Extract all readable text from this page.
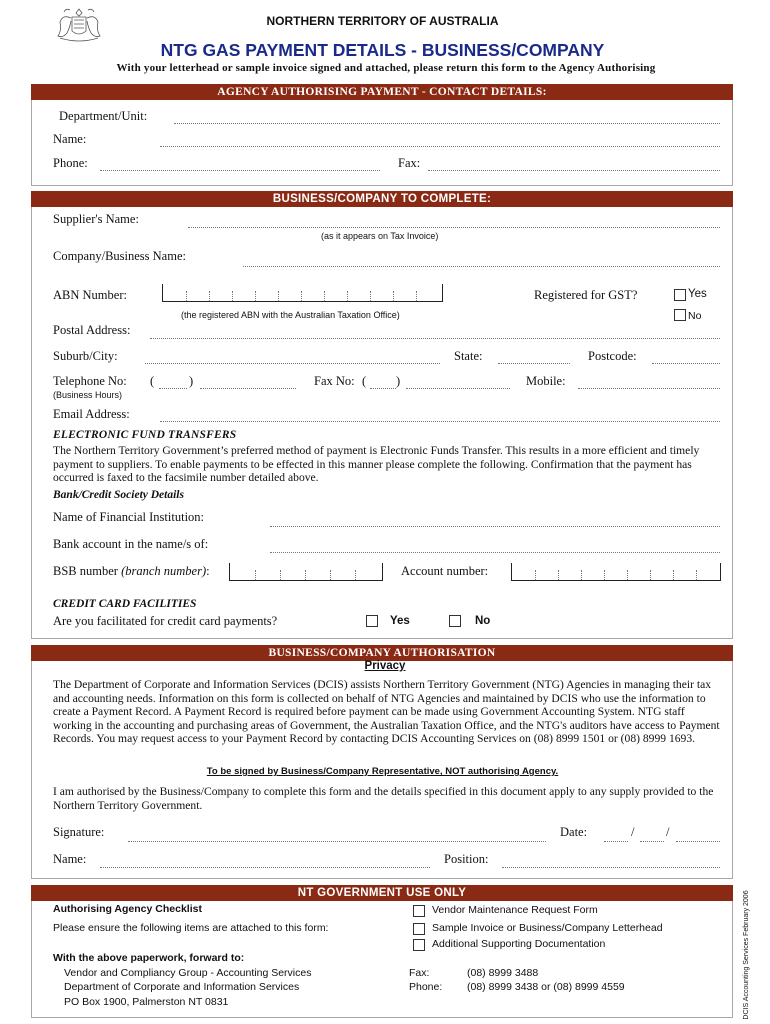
NORTHERN TERRITORY OF AUSTRALIA
NTG GAS PAYMENT DETAILS - BUSINESS/COMPANY
With your letterhead or sample invoice signed and attached, please return this form to the Agency Authorising
AGENCY AUTHORISING PAYMENT - CONTACT DETAILS:
Department/Unit:
Name:
Phone:	Fax:
BUSINESS/COMPANY TO COMPLETE:
Supplier's Name:
(as it appears on Tax Invoice)
Company/Business Name:
ABN Number:
(the registered ABN with the Australian Taxation Office)
Registered for GST?	Yes
No
Postal Address:
Suburb/City:	State:	Postcode:
Telephone No: (	)
(Business Hours)
Fax No: ( )	Mobile:
Email Address:
ELECTRONIC FUND TRANSFERS
The Northern Territory Government’s preferred method of payment is Electronic Funds Transfer. This results in a more efficient and timely payment to suppliers. To enable payments to be effected in this manner please complete the following. Confirmation that the payment has occurred is faxed to the facsimile number detailed above.
Bank/Credit Society Details
Name of Financial Institution:
Bank account in the name/s of:
BSB number (branch number):	Account number:
CREDIT CARD FACILITIES
Are you facilitated for credit card payments?	Yes	No
BUSINESS/COMPANY AUTHORISATION
Privacy
The Department of Corporate and Information Services (DCIS) assists Northern Territory Government (NTG) Agencies in managing their tax and accounting needs. Information on this form is collected on behalf of NTG Agencies and maintained by DCIS who use the information to create a Payment Record. A Payment Record is required before payment can be made using Government Accounting System. NTG staff working in the accounting and purchasing areas of Government, the Australian Taxation Office, and the NTG's auditors have access to Payment Records. You may request access to your Payment Record by contacting DCIS Accounting Services on (08) 8999 1501 or (08) 8999 1693.
To be signed by Business/Company Representative, NOT authorising Agency.
I am authorised by the Business/Company to complete this form and the details specified in this document apply to any supply provided to the Northern Territory Government.
Signature:	Date:	/	/
Name:	Position:
NT GOVERNMENT USE ONLY
Authorising Agency Checklist
Please ensure the following items are attached to this form:
Vendor Maintenance Request Form
Sample Invoice or Business/Company Letterhead
Additional Supporting Documentation
With the above paperwork, forward to:
Vendor and Compliancy Group - Accounting Services
Department of Corporate and Information Services
PO Box 1900, Palmerston NT 0831
Fax:	(08) 8999 3488
Phone: (08) 8999 3438 or (08) 8999 4559	DCIS Accounting Services February 2006
